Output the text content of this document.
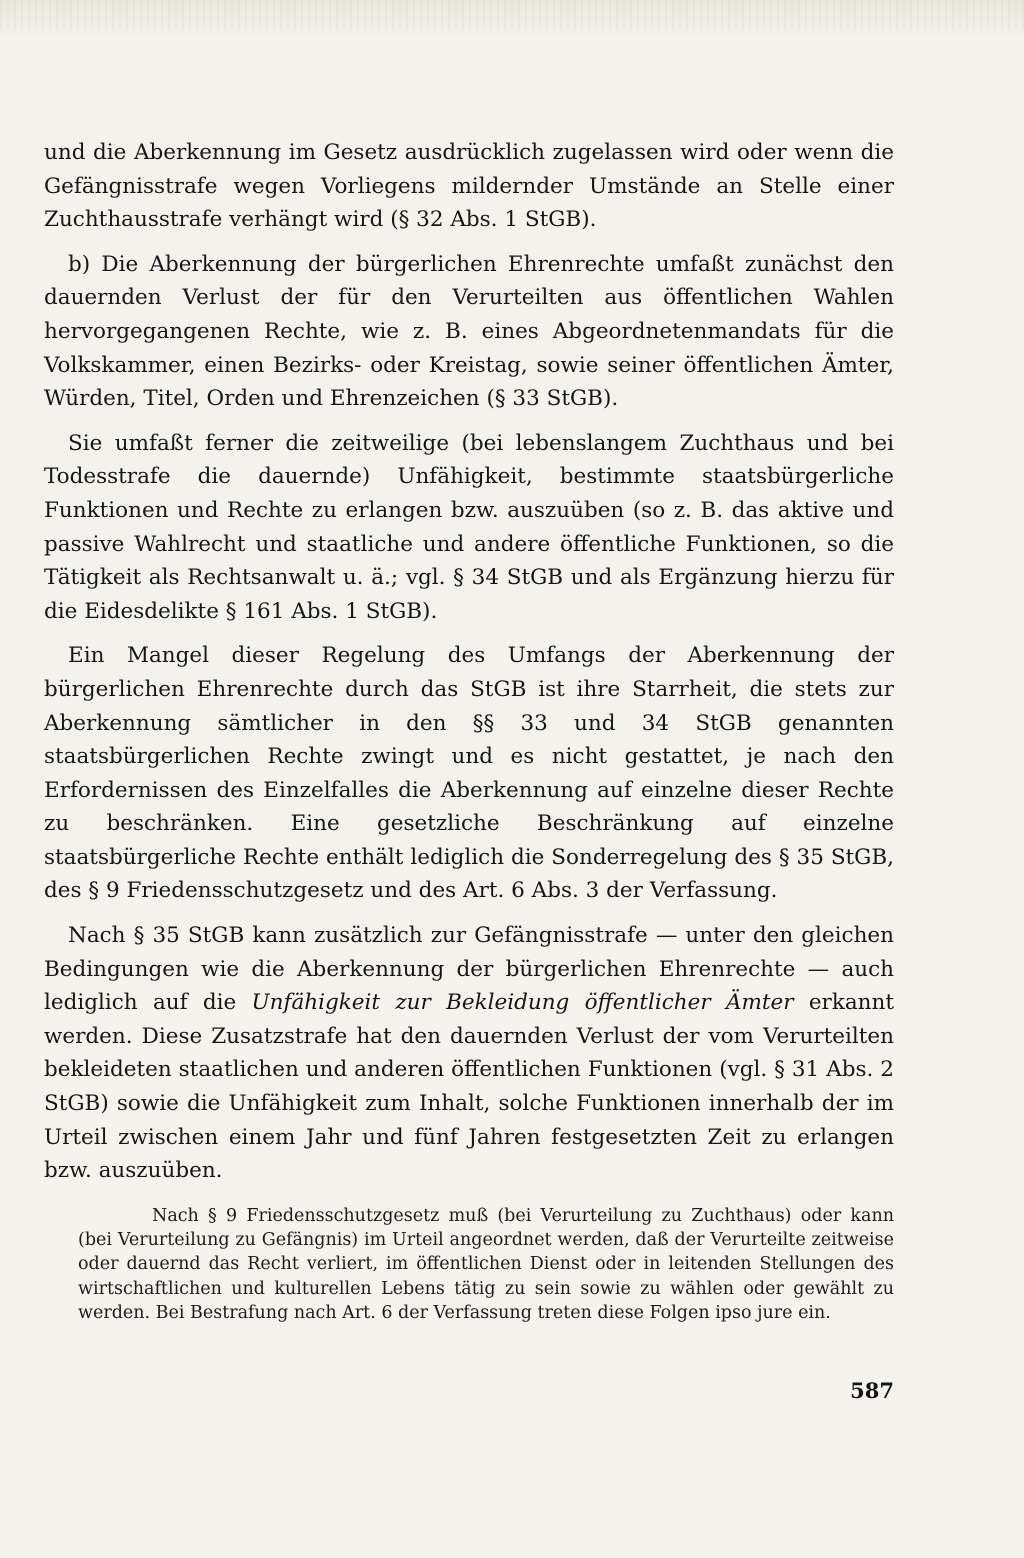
und die Aberkennung im Gesetz ausdrücklich zugelassen wird oder wenn die Gefängnisstrafe wegen Vorliegens mildernder Umstände an Stelle einer Zuchthausstrafe verhängt wird (§ 32 Abs. 1 StGB).

b) Die Aberkennung der bürgerlichen Ehrenrechte umfaßt zunächst den dauernden Verlust der für den Verurteilten aus öffentlichen Wahlen hervorgegangenen Rechte, wie z. B. eines Abgeordnetenmandats für die Volkskammer, einen Bezirks- oder Kreistag, sowie seiner öffentlichen Ämter, Würden, Titel, Orden und Ehrenzeichen (§ 33 StGB).

Sie umfaßt ferner die zeitweilige (bei lebenslangem Zuchthaus und bei Todesstrafe die dauernde) Unfähigkeit, bestimmte staatsbürgerliche Funktionen und Rechte zu erlangen bzw. auszuüben (so z. B. das aktive und passive Wahlrecht und staatliche und andere öffentliche Funktionen, so die Tätigkeit als Rechtsanwalt u. ä.; vgl. § 34 StGB und als Ergänzung hierzu für die Eidesdelikte § 161 Abs. 1 StGB).

Ein Mangel dieser Regelung des Umfangs der Aberkennung der bürgerlichen Ehrenrechte durch das StGB ist ihre Starrheit, die stets zur Aberkennung sämtlicher in den §§ 33 und 34 StGB genannten staatsbürgerlichen Rechte zwingt und es nicht gestattet, je nach den Erfordernissen des Einzelfalles die Aberkennung auf einzelne dieser Rechte zu beschränken. Eine gesetzliche Beschränkung auf einzelne staatsbürgerliche Rechte enthält lediglich die Sonderregelung des § 35 StGB, des § 9 Friedensschutzgesetz und des Art. 6 Abs. 3 der Verfassung.

Nach § 35 StGB kann zusätzlich zur Gefängnisstrafe — unter den gleichen Bedingungen wie die Aberkennung der bürgerlichen Ehrenrechte — auch lediglich auf die Unfähigkeit zur Bekleidung öffentlicher Ämter erkannt werden. Diese Zusatzstrafe hat den dauernden Verlust der vom Verurteilten bekleideten staatlichen und anderen öffentlichen Funktionen (vgl. § 31 Abs. 2 StGB) sowie die Unfähigkeit zum Inhalt, solche Funktionen innerhalb der im Urteil zwischen einem Jahr und fünf Jahren festgesetzten Zeit zu erlangen bzw. auszuüben.

Nach § 9 Friedensschutzgesetz muß (bei Verurteilung zu Zuchthaus) oder kann (bei Verurteilung zu Gefängnis) im Urteil angeordnet werden, daß der Verurteilte zeitweise oder dauernd das Recht verliert, im öffentlichen Dienst oder in leitenden Stellungen des wirtschaftlichen und kulturellen Lebens tätig zu sein sowie zu wählen oder gewählt zu werden. Bei Bestrafung nach Art. 6 der Verfassung treten diese Folgen ipso jure ein.

587
